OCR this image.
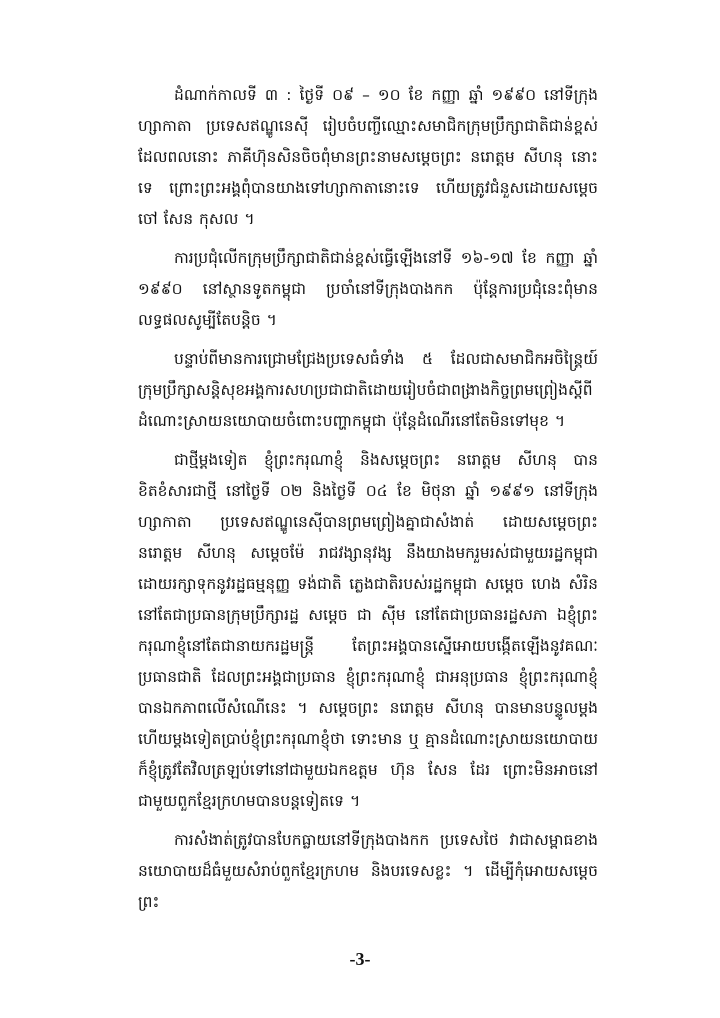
ដំណាក់កាលទី ៣ : ថ្ងៃទី ០៩ – ១០ ខែ កញ្ញា ឆ្នាំ ១៩៩០ នៅទីក្រុងហ្សាកាតា ប្រទេសឥណ្ឌូនេស៊ី រៀបចំបញ្ចីឈ្មោះសមាជិកក្រុមប្រឹក្សាជាតិជាន់ខ្ពស់ ដែលពលនោះ ភាគីហ៊ុនសិនចិចពុំមានព្រះនាមសម្តេចព្រះ នរោត្តម សីហនុ នោះទេ ព្រោះព្រះអង្គពុំបានយាងទៅហ្សាកាតានោះទេ ហើយត្រូវជំនួសដោយសម្តេច ចៅ សែន កុសល ។

ការប្រជុំលើកក្រុមប្រឹក្សាជាតិជាន់ខ្ពស់ធ្វើឡើងនៅទី ១៦-១៧ ខែ កញ្ញា ឆ្នាំ ១៩៩០ នៅស្ថានទូតកម្ពុជា ប្រចាំនៅទីក្រុងបាងកក ប៉ុន្តែការប្រជុំនេះពុំមានលទ្ធផលសូម្បីតែបន្តិច ។

បន្ទាប់ពីមានការជ្រោមជ្រែងប្រទេសធំទាំង ៥ ដែលជាសមាជិកអចិន្ត្រៃយ៍ក្រុមប្រឹក្សាសន្តិសុខអង្គការសហប្រជាជាតិដោយរៀបចំជាពង្រាងកិច្ចព្រមព្រៀងស្តីពីដំណោះស្រាយនយោបាយចំពោះបញ្ហាកម្ពុជា ប៉ុន្តែដំណើរនៅតែមិនទៅមុខ ។

ជាថ្មីម្តងទៀត ខ្ញុំព្រះករុណាខ្ញុំ និងសម្តេចព្រះ នរោត្តម សីហនុ បានខិតខំសារជាថ្មី នៅថ្ងៃទី ០២ និងថ្ងៃទី ០៤ ខែ មិថុនា ឆ្នាំ ១៩៩១ នៅទីក្រុងហ្សាកាតា ប្រទេសឥណ្ឌូនេស៊ីបានព្រមព្រៀងគ្នាជាសំងាត់ ដោយសម្តេចព្រះ នរោត្តម សីហនុ សម្តេចម៉ែ រាជវង្សានុវង្ស នឹងយាងមករួមរស់ជាមួយរដ្ឋកម្ពុជា ដោយរក្សាទុកនូវរដ្ឋធម្មនុញ្ញ ទង់ជាតិ ភ្លេងជាតិរបស់រដ្ឋកម្ពុជា សម្តេច ហេង សំរិន នៅតែជាប្រធានក្រុមប្រឹក្សារដ្ឋ សម្តេច ជា ស៊ីម នៅតែជាប្រធានរដ្ឋសភា ឯខ្ញុំព្រះករុណាខ្ញុំនៅតែជានាយករដ្ឋមន្ត្រី តែព្រះអង្គបានស្នើអោយបង្កើតឡើងនូវគណៈប្រធានជាតិ ដែលព្រះអង្គជាប្រធាន ខ្ញុំព្រះករុណាខ្ញុំ ជាអនុប្រធាន ខ្ញុំព្រះករុណាខ្ញុំបានឯកភាពលើសំណើនេះ ។ សម្តេចព្រះ នរោត្តម សីហនុ បានមានបន្ទូលម្តងហើយម្តងទៀតប្រាប់ខ្ញុំព្រះករុណាខ្ញុំថា ទោះមាន ឬ គ្មានដំណោះស្រាយនយោបាយ ក៏ខ្ញុំត្រូវតែវិលត្រឡប់ទៅនៅជាមួយឯកឧត្តម ហ៊ុន សែន ដែរ ព្រោះមិនអាចនៅជាមួយពួកខ្មែរក្រហមបានបន្តទៀតទេ ។

ការសំងាត់ត្រូវបានបែកធ្លាយនៅទីក្រុងបាងកក ប្រទេសថៃ វាជាសម្ពាធខាងនយោបាយដ៏ធំមួយសំរាប់ពួកខ្មែរក្រហម និងបរទេសខ្លះ ។ ដើម្បីកុំអោយសម្តេចព្រះ

-3-
